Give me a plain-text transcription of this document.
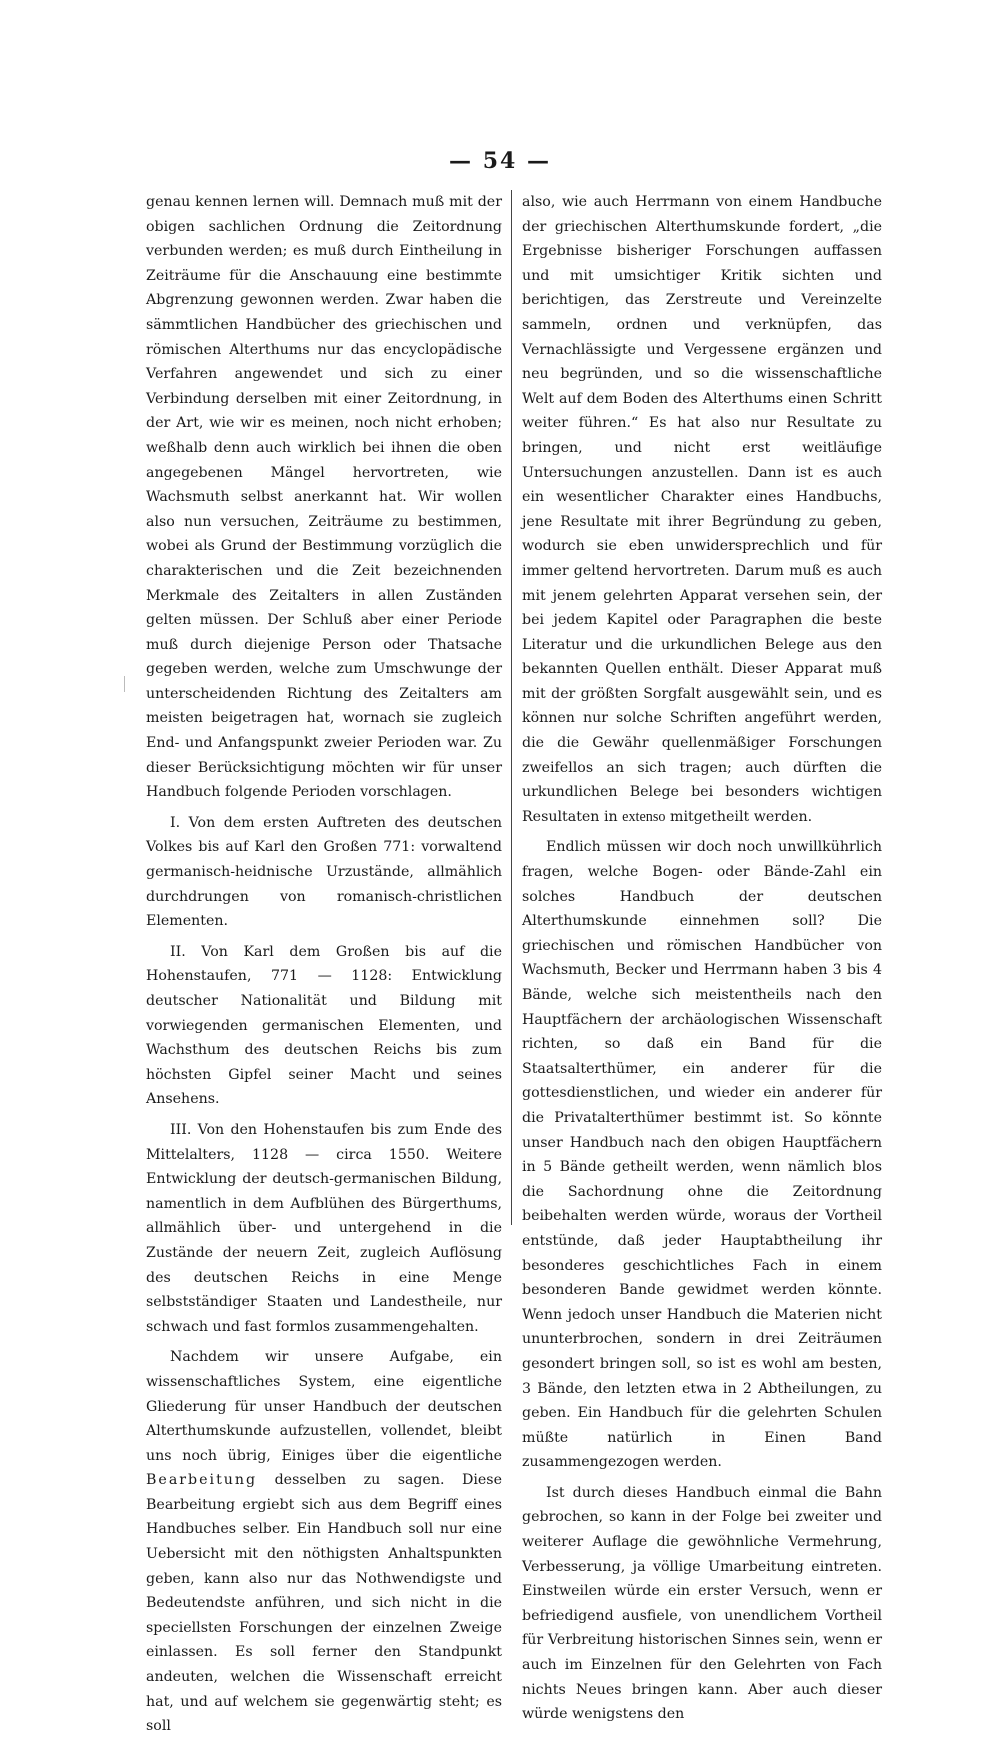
— 54 —

genau kennen lernen will. Demnach muß mit der obigen sachlichen Ordnung die Zeitordnung verbunden werden; es muß durch Eintheilung in Zeiträume für die Anschauung eine bestimmte Abgrenzung gewonnen werden. Zwar haben die sämmtlichen Handbücher des griechischen und römischen Alterthums nur das encyclopädische Verfahren angewendet und sich zu einer Verbindung derselben mit einer Zeitordnung, in der Art, wie wir es meinen, noch nicht erhoben; weßhalb denn auch wirklich bei ihnen die oben angegebenen Mängel hervortreten, wie Wachsmuth selbst anerkannt hat. Wir wollen also nun versuchen, Zeiträume zu bestimmen, wobei als Grund der Bestimmung vorzüglich die charakterischen und die Zeit bezeichnenden Merkmale des Zeitalters in allen Zuständen gelten müssen. Der Schluß aber einer Periode muß durch diejenige Person oder Thatsache gegeben werden, welche zum Umschwunge der unterscheidenden Richtung des Zeitalters am meisten beigetragen hat, wornach sie zugleich End- und Anfangspunkt zweier Perioden war. Zu dieser Berücksichtigung möchten wir für unser Handbuch folgende Perioden vorschlagen.

I. Von dem ersten Auftreten des deutschen Volkes bis auf Karl den Großen 771: vorwaltend germanisch-heidnische Urzustände, allmählich durchdrungen von romanisch-christlichen Elementen.

II. Von Karl dem Großen bis auf die Hohenstaufen, 771 — 1128: Entwicklung deutscher Nationalität und Bildung mit vorwiegenden germanischen Elementen, und Wachsthum des deutschen Reichs bis zum höchsten Gipfel seiner Macht und seines Ansehens.

III. Von den Hohenstaufen bis zum Ende des Mittelalters, 1128 — circa 1550. Weitere Entwicklung der deutsch-germanischen Bildung, namentlich in dem Aufblühen des Bürgerthums, allmählich über- und untergehend in die Zustände der neuern Zeit, zugleich Auflösung des deutschen Reichs in eine Menge selbstständiger Staaten und Landestheile, nur schwach und fast formlos zusammengehalten.

Nachdem wir unsere Aufgabe, ein wissenschaftliches System, eine eigentliche Gliederung für unser Handbuch der deutschen Alterthumskunde aufzustellen, vollendet, bleibt uns noch übrig, Einiges über die eigentliche Bearbeitung desselben zu sagen. Diese Bearbeitung ergiebt sich aus dem Begriff eines Handbuches selber. Ein Handbuch soll nur eine Uebersicht mit den nöthigsten Anhaltspunkten geben, kann also nur das Nothwendigste und Bedeutendste anführen, und sich nicht in die speciellsten Forschungen der einzelnen Zweige einlassen. Es soll ferner den Standpunkt andeuten, welchen die Wissenschaft erreicht hat, und auf welchem sie gegenwärtig steht; es soll

also, wie auch Herrmann von einem Handbuche der griechischen Alterthumskunde fordert, „die Ergebnisse bisheriger Forschungen auffassen und mit umsichtiger Kritik sichten und berichtigen, das Zerstreute und Vereinzelte sammeln, ordnen und verknüpfen, das Vernachlässigte und Vergessene ergänzen und neu begründen, und so die wissenschaftliche Welt auf dem Boden des Alterthums einen Schritt weiter führen.“ Es hat also nur Resultate zu bringen, und nicht erst weitläufige Untersuchungen anzustellen. Dann ist es auch ein wesentlicher Charakter eines Handbuchs, jene Resultate mit ihrer Begründung zu geben, wodurch sie eben unwidersprechlich und für immer geltend hervortreten. Darum muß es auch mit jenem gelehrten Apparat versehen sein, der bei jedem Kapitel oder Paragraphen die beste Literatur und die urkundlichen Belege aus den bekannten Quellen enthält. Dieser Apparat muß mit der größten Sorgfalt ausgewählt sein, und es können nur solche Schriften angeführt werden, die die Gewähr quellenmäßiger Forschungen zweifellos an sich tragen; auch dürften die urkundlichen Belege bei besonders wichtigen Resultaten in extenso mitgetheilt werden.

Endlich müssen wir doch noch unwillkührlich fragen, welche Bogen- oder Bände-Zahl ein solches Handbuch der deutschen Alterthumskunde einnehmen soll? Die griechischen und römischen Handbücher von Wachsmuth, Becker und Herrmann haben 3 bis 4 Bände, welche sich meistentheils nach den Hauptfächern der archäologischen Wissenschaft richten, so daß ein Band für die Staatsalterthümer, ein anderer für die gottesdienstlichen, und wieder ein anderer für die Privatalterthümer bestimmt ist. So könnte unser Handbuch nach den obigen Hauptfächern in 5 Bände getheilt werden, wenn nämlich blos die Sachordnung ohne die Zeitordnung beibehalten werden würde, woraus der Vortheil entstünde, daß jeder Hauptabtheilung ihr besonderes geschichtliches Fach in einem besonderen Bande gewidmet werden könnte. Wenn jedoch unser Handbuch die Materien nicht ununterbrochen, sondern in drei Zeiträumen gesondert bringen soll, so ist es wohl am besten, 3 Bände, den letzten etwa in 2 Abtheilungen, zu geben. Ein Handbuch für die gelehrten Schulen müßte natürlich in Einen Band zusammengezogen werden.

Ist durch dieses Handbuch einmal die Bahn gebrochen, so kann in der Folge bei zweiter und weiterer Auflage die gewöhnliche Vermehrung, Verbesserung, ja völlige Umarbeitung eintreten. Einstweilen würde ein erster Versuch, wenn er befriedigend ausfiele, von unendlichem Vortheil für Verbreitung historischen Sinnes sein, wenn er auch im Einzelnen für den Gelehrten von Fach nichts Neues bringen kann. Aber auch dieser würde wenigstens den
